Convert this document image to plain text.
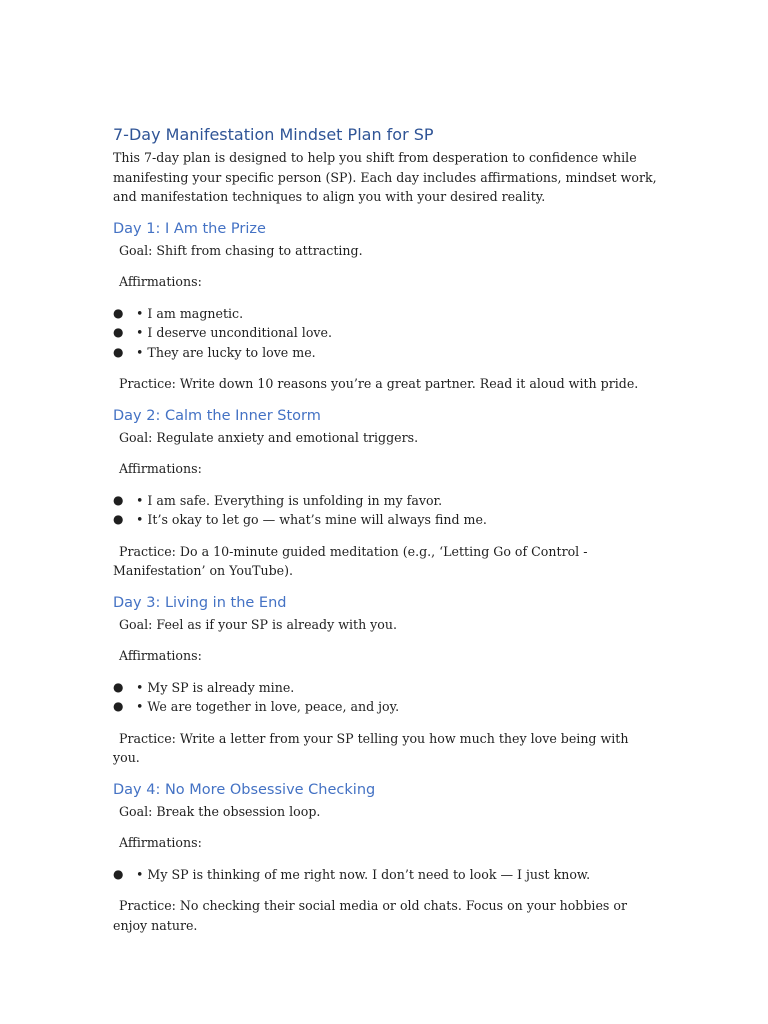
7-Day Manifestation Mindset Plan for SP

This 7-day plan is designed to help you shift from desperation to confidence while manifesting your specific person (SP). Each day includes affirmations, mindset work, and manifestation techniques to align you with your desired reality.

Day 1: I Am the Prize

Goal: Shift from chasing to attracting.

Affirmations:

● • I am magnetic.
● • I deserve unconditional love.
● • They are lucky to love me.

Practice: Write down 10 reasons you’re a great partner. Read it aloud with pride.

Day 2: Calm the Inner Storm

Goal: Regulate anxiety and emotional triggers.

Affirmations:

● • I am safe. Everything is unfolding in my favor.
● • It’s okay to let go — what’s mine will always find me.

Practice: Do a 10-minute guided meditation (e.g., ‘Letting Go of Control - Manifestation’ on YouTube).

Day 3: Living in the End

Goal: Feel as if your SP is already with you.

Affirmations:

● • My SP is already mine.
● • We are together in love, peace, and joy.

Practice: Write a letter from your SP telling you how much they love being with you.

Day 4: No More Obsessive Checking

Goal: Break the obsession loop.

Affirmations:

● • My SP is thinking of me right now. I don’t need to look — I just know.

Practice: No checking their social media or old chats. Focus on your hobbies or enjoy nature.
